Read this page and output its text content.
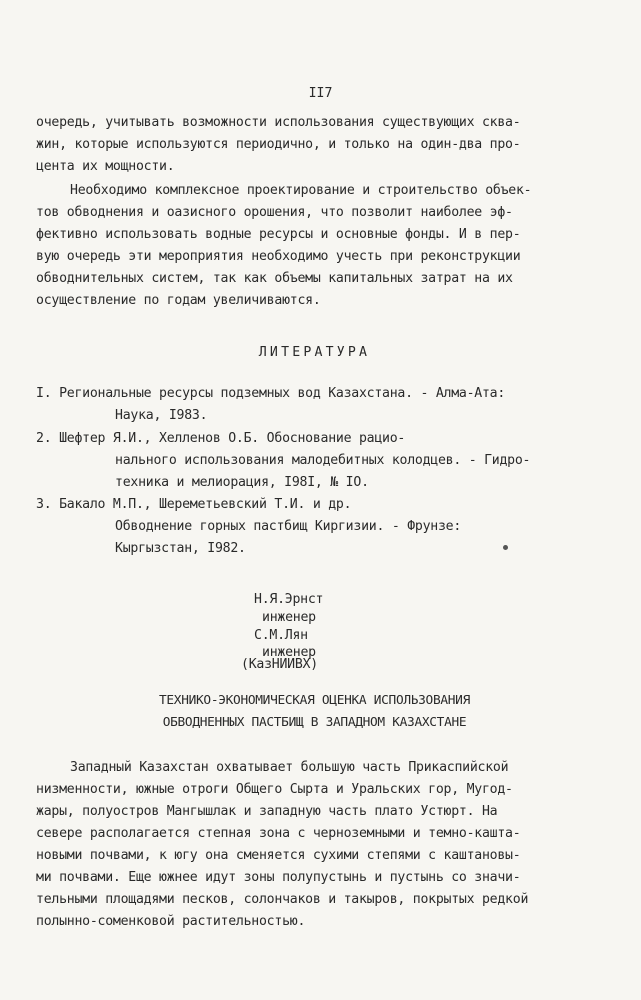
II7
очередь, учитывать возможности использования существующих сква-
жин, которые используются периодично, и только на один-два про-
цента их мощности.
Необходимо комплексное проектирование и строительство объек-
тов обводнения и оазисного орошения, что позволит наиболее эф-
фективно использовать водные ресурсы и основные фонды. И в пер-
вую очередь эти мероприятия необходимо учесть при реконструкции
обводнительных систем, так как объемы капитальных затрат на их
осуществление по годам увеличиваются.
ЛИТЕРАТУРА
I. Региональные ресурсы подземных вод Казахстана. - Алма-Ата:
Наука, I983.
2. Шефтер Я.И., Хелленов О.Б. Обоснование рацио-
нального использования малодебитных колодцев. - Гидро-
техника и мелиорация, I98I, № IO.
3. Бакало М.П., Шереметьевский Т.И. и др.
Обводнение горных пастбищ Киргизии. - Фрунзе:
Кыргызстан, I982.
Н.Я.Эрнст
инженер
С.М.Лян
инженер
(КазНИИВХ)
ТЕХНИКО-ЭКОНОМИЧЕСКАЯ ОЦЕНКА ИСПОЛЬЗОВАНИЯ
ОБВОДНЕННЫХ ПАСТБИЩ В ЗАПАДНОМ КАЗАХСТАНЕ
Западный Казахстан охватывает большую часть Прикаспийской
низменности, южные отроги Общего Сырта и Уральских гор, Мугод-
жары, полуостров Мангышлак и западную часть плато Устюрт. На
севере располагается степная зона с черноземными и темно-кашта-
новыми почвами, к югу она сменяется сухими степями с каштановы-
ми почвами. Еще южнее идут зоны полупустынь и пустынь со значи-
тельными площадями песков, солончаков и такыров, покрытых редкой
полынно-соменковой растительностью.
